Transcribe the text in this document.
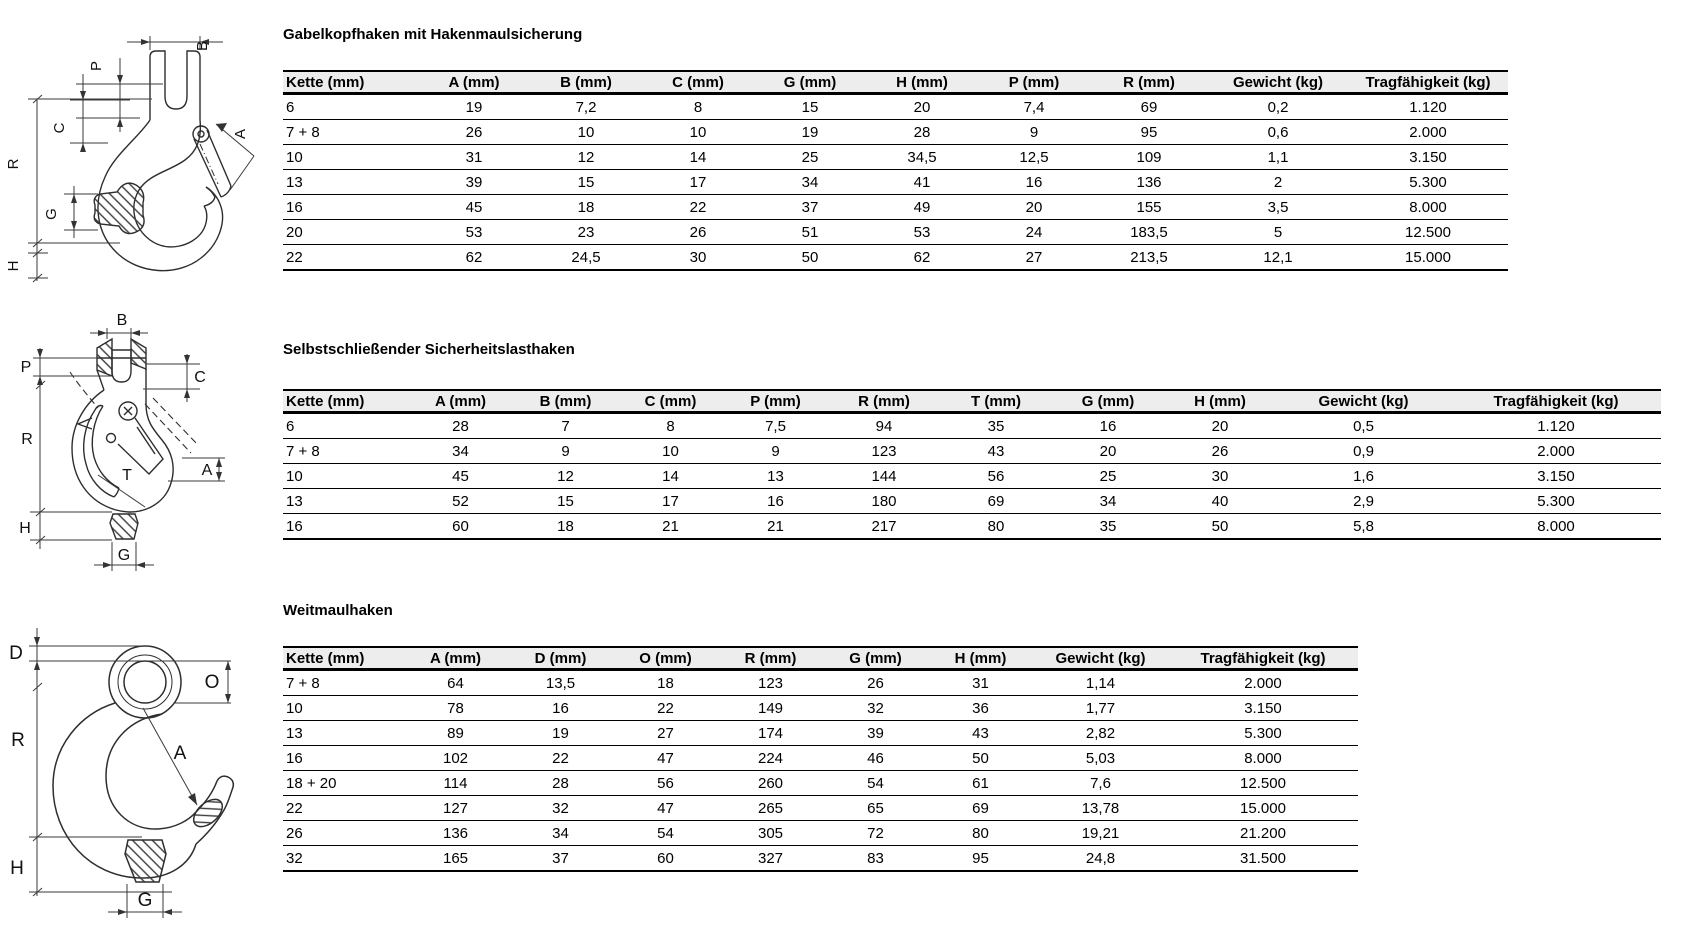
B
P
C
R
G
H
A
B
P
C
R
H
A
T
G
D
O
R
A
H
G
Gabelkopfhaken mit Hakenmaulsicherung
Selbstschließender Sicherheitslasthaken
Weitmaulhaken
Kette (mm)	A (mm)	B (mm)	C (mm)	G (mm)	H (mm)	P (mm)	R (mm)	Gewicht (kg)	Tragfähigkeit (kg)
6	19	7,2	8	15	20	7,4	69	0,2	1.120
7 + 8	26	10	10	19	28	9	95	0,6	2.000
10	31	12	14	25	34,5	12,5	109	1,1	3.150
13	39	15	17	34	41	16	136	2	5.300
16	45	18	22	37	49	20	155	3,5	8.000
20	53	23	26	51	53	24	183,5	5	12.500
22	62	24,5	30	50	62	27	213,5	12,1	15.000
Kette (mm)	A (mm)	B (mm)	C (mm)	P (mm)	R (mm)	T (mm)	G (mm)	H (mm)	Gewicht (kg)	Tragfähigkeit (kg)
6	28	7	8	7,5	94	35	16	20	0,5	1.120
7 + 8	34	9	10	9	123	43	20	26	0,9	2.000
10	45	12	14	13	144	56	25	30	1,6	3.150
13	52	15	17	16	180	69	34	40	2,9	5.300
16	60	18	21	21	217	80	35	50	5,8	8.000
Kette (mm)	A (mm)	D (mm)	O (mm)	R (mm)	G (mm)	H (mm)	Gewicht (kg)	Tragfähigkeit (kg)
7 + 8	64	13,5	18	123	26	31	1,14	2.000
10	78	16	22	149	32	36	1,77	3.150
13	89	19	27	174	39	43	2,82	5.300
16	102	22	47	224	46	50	5,03	8.000
18 + 20	114	28	56	260	54	61	7,6	12.500
22	127	32	47	265	65	69	13,78	15.000
26	136	34	54	305	72	80	19,21	21.200
32	165	37	60	327	83	95	24,8	31.500
